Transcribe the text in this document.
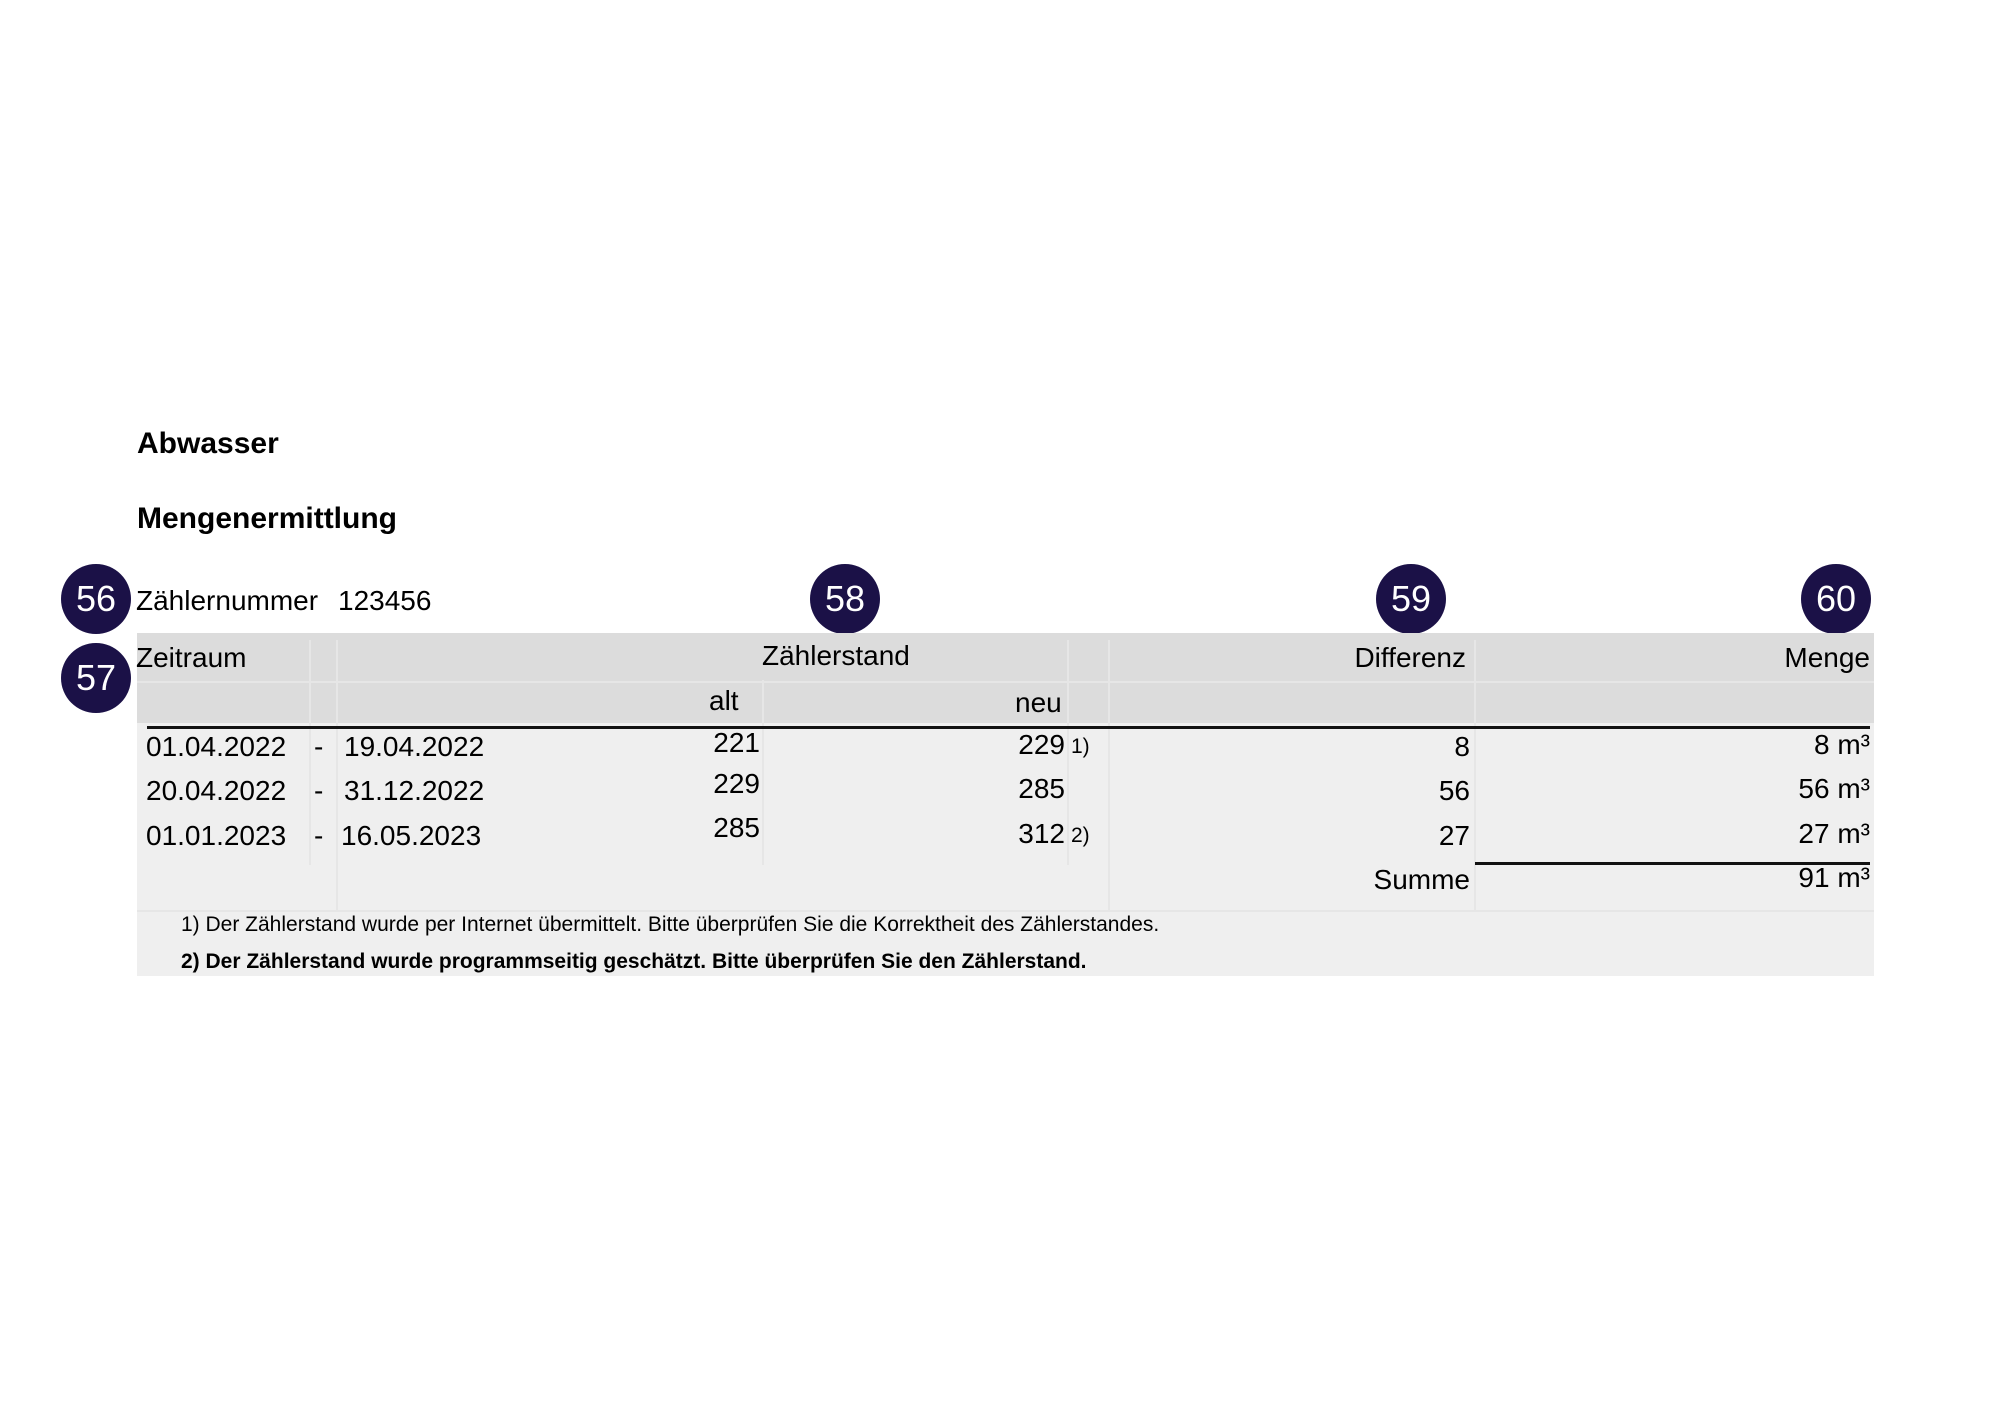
Abwasser
Mengenermittlung
56
57
58	59	60
Zählernummer 123456
Zeitraum	Zählerstand	Differenz	Menge
alt	neu
01.04.2022 - 19.04.2022	221	229 1)	8	8 m³
20.04.2022 - 31.12.2022	229	285	56	56 m³
01.01.2023 - 16.05.2023	285	312 2)	27	27 m³
Summe	91 m³
1) Der Zählerstand wurde per Internet übermittelt. Bitte überprüfen Sie die Korrektheit des Zählerstandes.
2) Der Zählerstand wurde programmseitig geschätzt. Bitte überprüfen Sie den Zählerstand.
